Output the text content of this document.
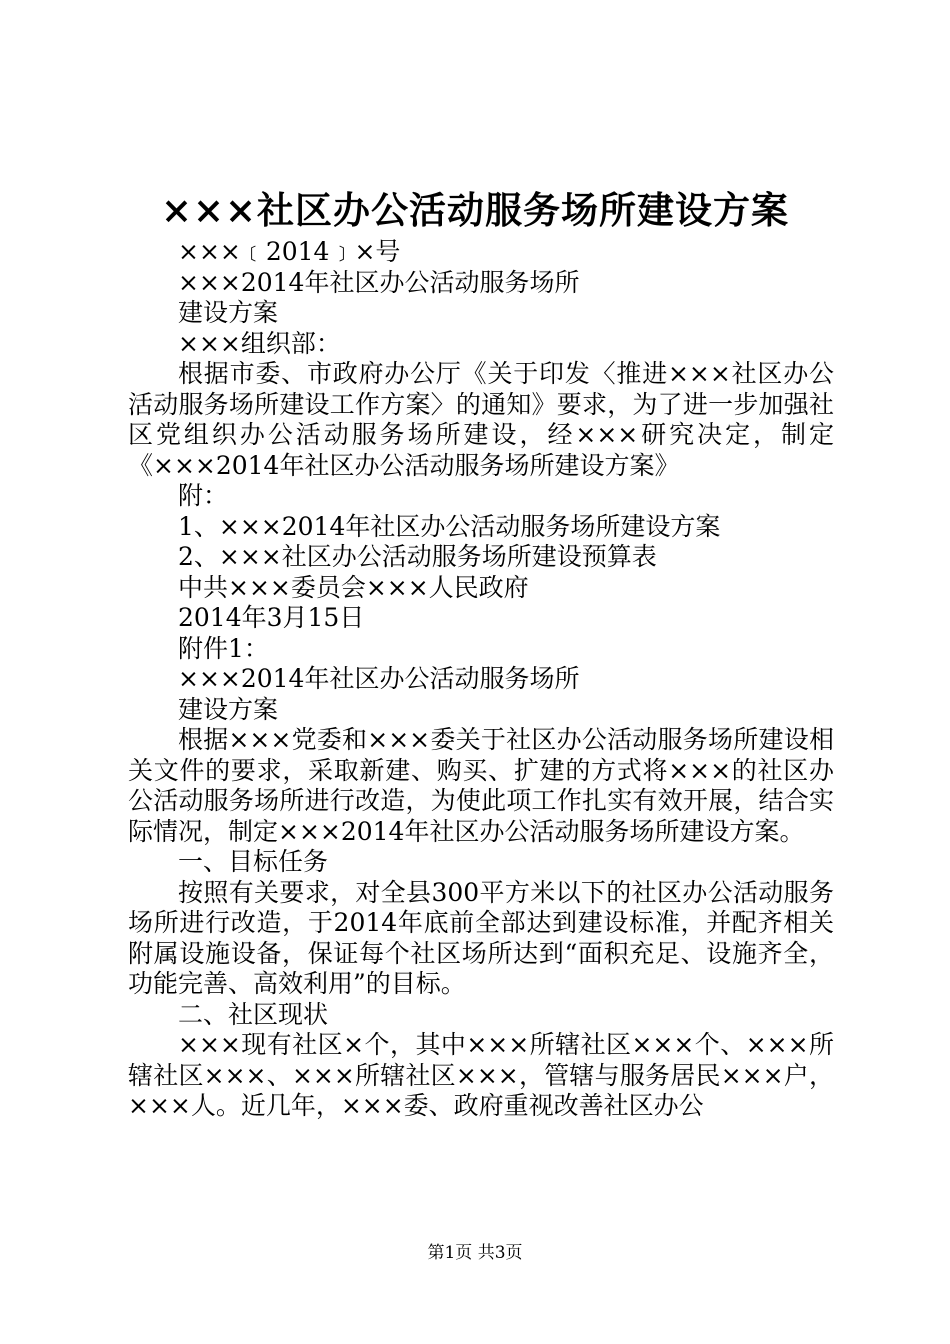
×××社区办公活动服务场所建设方案
×××﹝2014﹞×号
×××2014年社区办公活动服务场所
建设方案
×××组织部：
根据市委、市政府办公厅《关于印发〈推进×××社区办公活动服务场所建设工作方案〉的通知》要求，为了进一步加强社区党组织办公活动服务场所建设，经×××研究决定，制定《×××2014年社区办公活动服务场所建设方案》
附：
1、×××2014年社区办公活动服务场所建设方案
2、×××社区办公活动服务场所建设预算表
中共×××委员会×××人民政府
2014年3月15日
附件1：
×××2014年社区办公活动服务场所
建设方案
根据×××党委和×××委关于社区办公活动服务场所建设相关文件的要求，采取新建、购买、扩建的方式将×××的社区办公活动服务场所进行改造，为使此项工作扎实有效开展，结合实际情况，制定×××2014年社区办公活动服务场所建设方案。
一、目标任务
按照有关要求，对全县300平方米以下的社区办公活动服务场所进行改造，于2014年底前全部达到建设标准，并配齐相关附属设施设备，保证每个社区场所达到“面积充足、设施齐全，功能完善、高效利用”的目标。
二、社区现状
×××现有社区×个，其中×××所辖社区×××个、×××所辖社区×××、×××所辖社区×××，管辖与服务居民×××户，×××人。近几年，×××委、政府重视改善社区办公
第1页 共3页
